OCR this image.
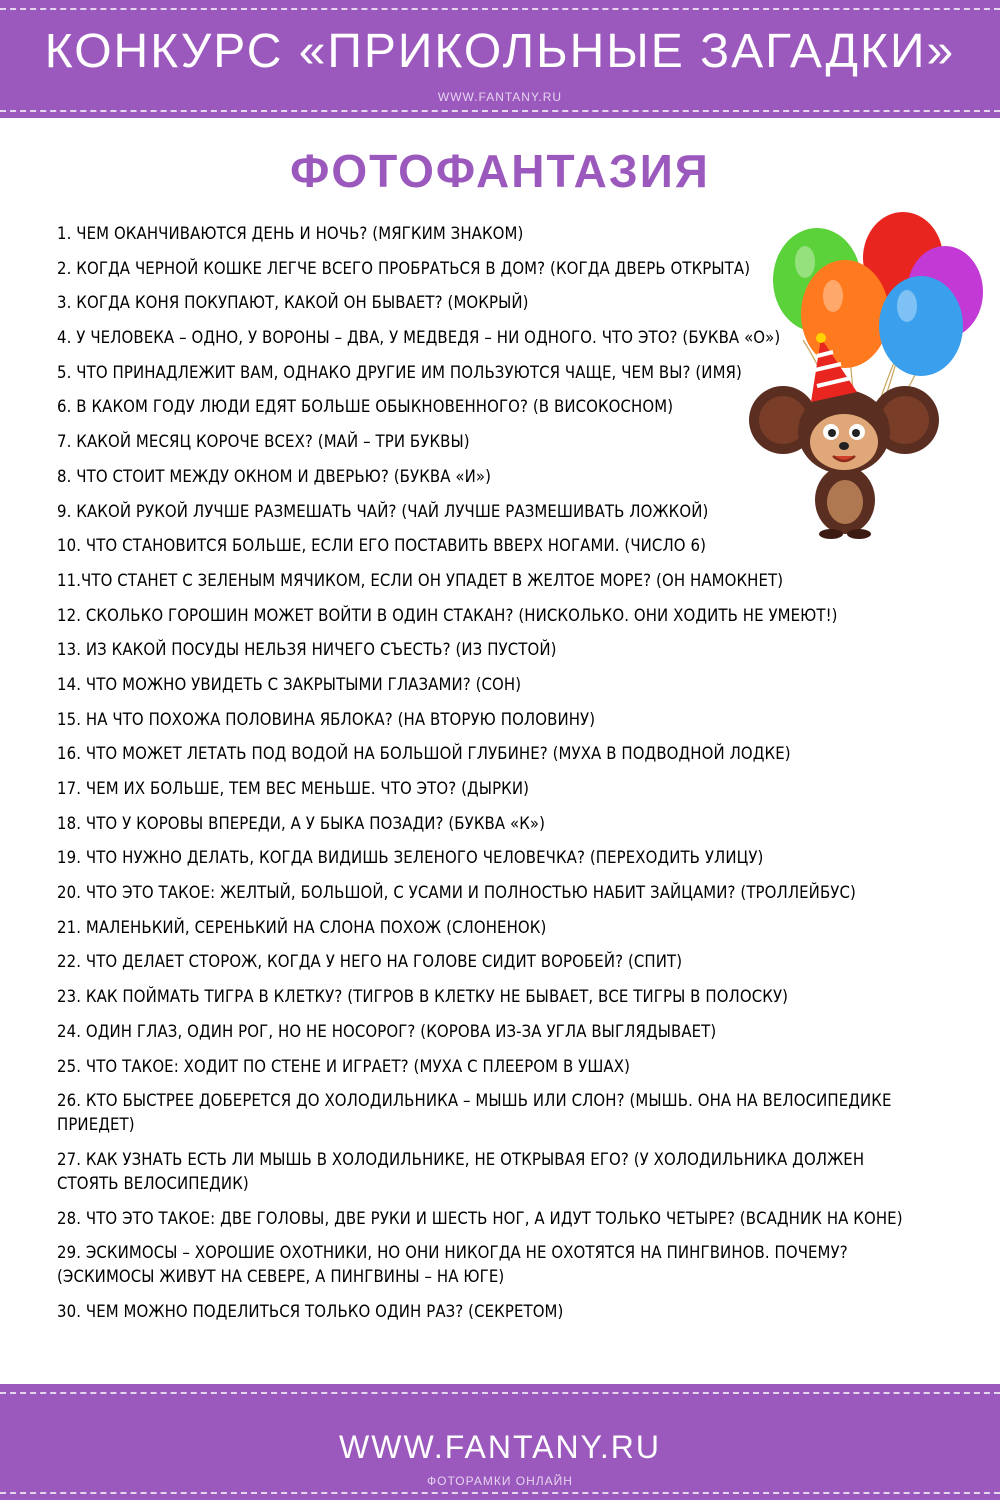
КОНКУРС «ПРИКОЛЬНЫЕ ЗАГАДКИ»
WWW.FANTANY.RU
ФОТОФАНТАЗИЯ
1. ЧЕМ ОКАНЧИВАЮТСЯ ДЕНЬ И НОЧЬ? (МЯГКИМ ЗНАКОМ)
2. КОГДА ЧЕРНОЙ КОШКЕ ЛЕГЧЕ ВСЕГО ПРОБРАТЬСЯ В ДОМ? (КОГДА ДВЕРЬ ОТКРЫТА)
3. КОГДА КОНЯ ПОКУПАЮТ, КАКОЙ ОН БЫВАЕТ? (МОКРЫЙ)
4. У ЧЕЛОВЕКА – ОДНО, У ВОРОНЫ – ДВА, У МЕДВЕДЯ – НИ ОДНОГО. ЧТО ЭТО? (БУКВА «О»)
5. ЧТО ПРИНАДЛЕЖИТ ВАМ, ОДНАКО ДРУГИЕ ИМ ПОЛЬЗУЮТСЯ ЧАЩЕ, ЧЕМ ВЫ? (ИМЯ)
6. В КАКОМ ГОДУ ЛЮДИ ЕДЯТ БОЛЬШЕ ОБЫКНОВЕННОГО? (В ВИСОКОСНОМ)
7. КАКОЙ МЕСЯЦ КОРОЧЕ ВСЕХ? (МАЙ – ТРИ БУКВЫ)
8. ЧТО СТОИТ МЕЖДУ ОКНОМ И ДВЕРЬЮ? (БУКВА «И»)
9. КАКОЙ РУКОЙ ЛУЧШЕ РАЗМЕШАТЬ ЧАЙ? (ЧАЙ ЛУЧШЕ РАЗМЕШИВАТЬ ЛОЖКОЙ)
10. ЧТО СТАНОВИТСЯ БОЛЬШЕ, ЕСЛИ ЕГО ПОСТАВИТЬ ВВЕРХ НОГАМИ. (ЧИСЛО 6)
11.ЧТО СТАНЕТ С ЗЕЛЕНЫМ МЯЧИКОМ, ЕСЛИ ОН УПАДЕТ В ЖЕЛТОЕ МОРЕ? (ОН НАМОКНЕТ)
12. СКОЛЬКО ГОРОШИН МОЖЕТ ВОЙТИ В ОДИН СТАКАН? (НИСКОЛЬКО. ОНИ ХОДИТЬ НЕ УМЕЮТ!)
13. ИЗ КАКОЙ ПОСУДЫ НЕЛЬЗЯ НИЧЕГО СЪЕСТЬ? (ИЗ ПУСТОЙ)
14. ЧТО МОЖНО УВИДЕТЬ С ЗАКРЫТЫМИ ГЛАЗАМИ? (СОН)
15. НА ЧТО ПОХОЖА ПОЛОВИНА ЯБЛОКА? (НА ВТОРУЮ ПОЛОВИНУ)
16. ЧТО МОЖЕТ ЛЕТАТЬ ПОД ВОДОЙ НА БОЛЬШОЙ ГЛУБИНЕ? (МУХА В ПОДВОДНОЙ ЛОДКЕ)
17. ЧЕМ ИХ БОЛЬШЕ, ТЕМ ВЕС МЕНЬШЕ. ЧТО ЭТО? (ДЫРКИ)
18. ЧТО У КОРОВЫ ВПЕРЕДИ, А У БЫКА ПОЗАДИ? (БУКВА «К»)
19. ЧТО НУЖНО ДЕЛАТЬ, КОГДА ВИДИШЬ ЗЕЛЕНОГО ЧЕЛОВЕЧКА? (ПЕРЕХОДИТЬ УЛИЦУ)
20. ЧТО ЭТО ТАКОЕ: ЖЕЛТЫЙ, БОЛЬШОЙ, С УСАМИ И ПОЛНОСТЬЮ НАБИТ ЗАЙЦАМИ? (ТРОЛЛЕЙБУС)
21. МАЛЕНЬКИЙ, СЕРЕНЬКИЙ НА СЛОНА ПОХОЖ (СЛОНЕНОК)
22. ЧТО ДЕЛАЕТ СТОРОЖ, КОГДА У НЕГО НА ГОЛОВЕ СИДИТ ВОРОБЕЙ? (СПИТ)
23. КАК ПОЙМАТЬ ТИГРА В КЛЕТКУ? (ТИГРОВ В КЛЕТКУ НЕ БЫВАЕТ, ВСЕ ТИГРЫ В ПОЛОСКУ)
24. ОДИН ГЛАЗ, ОДИН РОГ, НО НЕ НОСОРОГ? (КОРОВА ИЗ-ЗА УГЛА ВЫГЛЯДЫВАЕТ)
25. ЧТО ТАКОЕ: ХОДИТ ПО СТЕНЕ И ИГРАЕТ? (МУХА С ПЛЕЕРОМ В УШАХ)
26. КТО БЫСТРЕЕ ДОБЕРЕТСЯ ДО ХОЛОДИЛЬНИКА – МЫШЬ ИЛИ СЛОН? (МЫШЬ. ОНА НА ВЕЛОСИПЕДИКЕ ПРИЕДЕТ)
27. КАК УЗНАТЬ ЕСТЬ ЛИ МЫШЬ В ХОЛОДИЛЬНИКЕ, НЕ ОТКРЫВАЯ ЕГО? (У ХОЛОДИЛЬНИКА ДОЛЖЕН СТОЯТЬ ВЕЛОСИПЕДИК)
28. ЧТО ЭТО ТАКОЕ: ДВЕ ГОЛОВЫ, ДВЕ РУКИ И ШЕСТЬ НОГ, А ИДУТ ТОЛЬКО ЧЕТЫРЕ? (ВСАДНИК НА КОНЕ)
29. ЭСКИМОСЫ – ХОРОШИЕ ОХОТНИКИ, НО ОНИ НИКОГДА НЕ ОХОТЯТСЯ НА ПИНГВИНОВ. ПОЧЕМУ? (ЭСКИМОСЫ ЖИВУТ НА СЕВЕРЕ, А ПИНГВИНЫ – НА ЮГЕ)
30. ЧЕМ МОЖНО ПОДЕЛИТЬСЯ ТОЛЬКО ОДИН РАЗ? (СЕКРЕТОМ)
WWW.FANTANY.RU
ФОТОРАМКИ ОНЛАЙН
